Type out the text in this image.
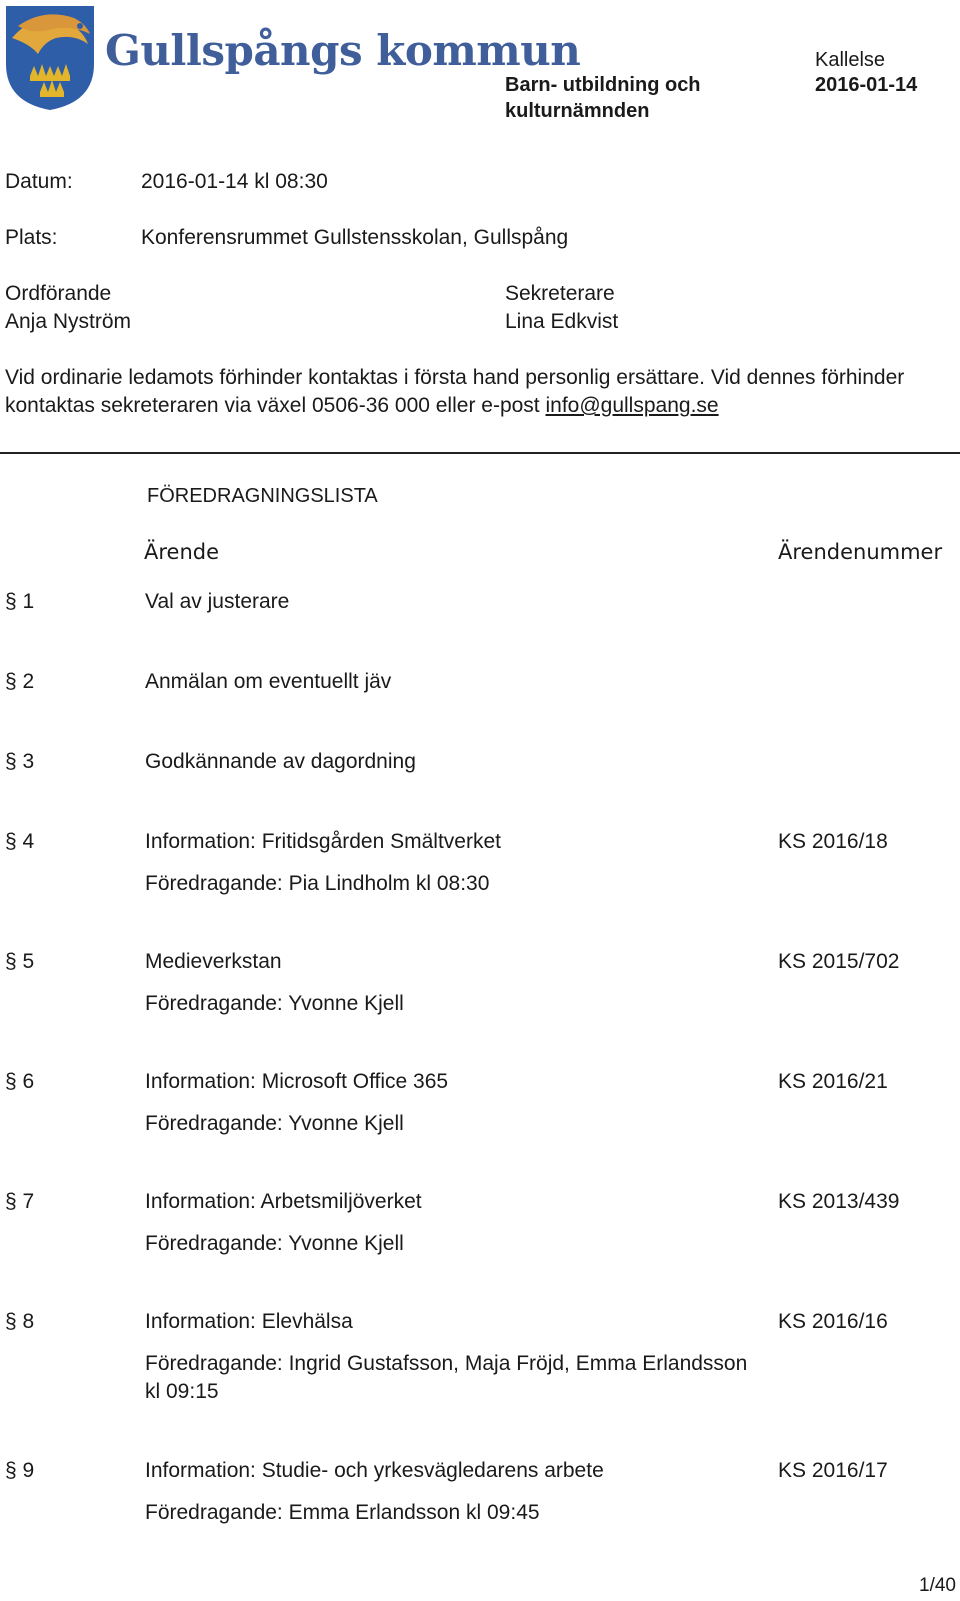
Gullspångs kommun
Barn- utbildning och
kulturnämnden
Kallelse
2016-01-14
Datum:	2016-01-14 kl 08:30
Plats:	Konferensrummet Gullstensskolan, Gullspång
Ordförande
Anja Nyström
Sekreterare
Lina Edkvist
Vid ordinarie ledamots förhinder kontaktas i första hand personlig ersättare. Vid dennes förhinder
kontaktas sekreteraren via växel 0506-36 000 eller e-post info@gullspang.se
FÖREDRAGNINGSLISTA
Ärende	Ärendenummer
§ 1	Val av justerare
§ 2	Anmälan om eventuellt jäv
§ 3	Godkännande av dagordning
§ 4	Information: Fritidsgården Smältverket	KS 2016/18
Föredragande: Pia Lindholm kl 08:30
§ 5	Medieverkstan	KS 2015/702
Föredragande: Yvonne Kjell
§ 6	Information: Microsoft Office 365	KS 2016/21
Föredragande: Yvonne Kjell
§ 7	Information: Arbetsmiljöverket	KS 2013/439
Föredragande: Yvonne Kjell
§ 8	Information: Elevhälsa	KS 2016/16
Föredragande: Ingrid Gustafsson, Maja Fröjd, Emma Erlandsson kl 09:15
§ 9	Information: Studie- och yrkesvägledarens arbete	KS 2016/17
Föredragande: Emma Erlandsson kl 09:45
1/40
